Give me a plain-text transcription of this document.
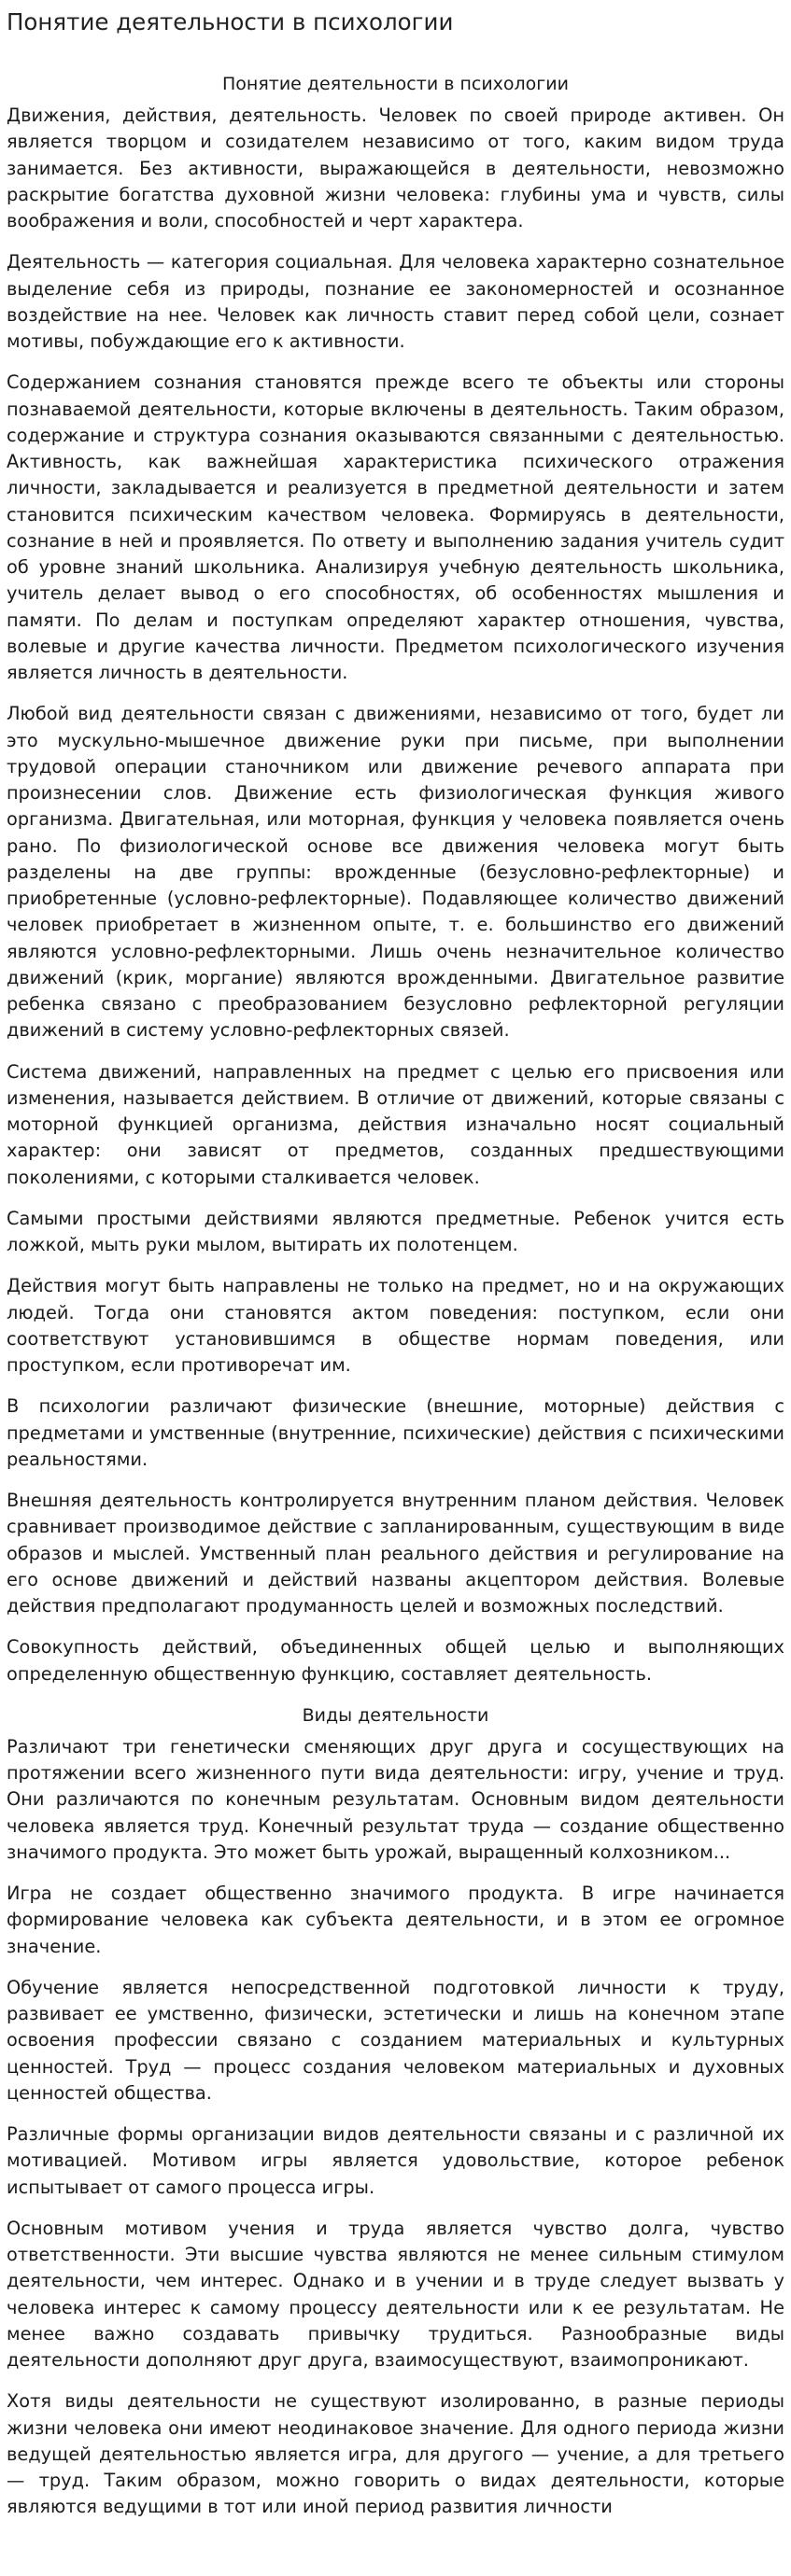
Понятие деятельности в психологии
Понятие деятельности в психологии

Движения, действия, деятельность. Человек по своей природе активен. Он является творцом и созидателем независимо от того, каким видом труда занимается. Без активности, выражающейся в деятельности, невозможно раскрытие богатства духовной жизни человека: глубины ума и чувств, силы воображения и воли, способностей и черт характера.

Деятельность — категория социальная. Для человека характерно сознательное выделение себя из природы, познание ее закономерностей и осознанное воздействие на нее. Человек как личность ставит перед собой цели, сознает мотивы, побуждающие его к активности.

Содержанием сознания становятся прежде всего те объекты или стороны познаваемой деятельности, которые включены в деятельность. Таким образом, содержание и структура сознания оказываются связанными с деятельностью. Активность, как важнейшая характеристика психического отражения личности, закладывается и реализуется в предметной деятельности и затем становится психическим качеством человека. Формируясь в деятельности, сознание в ней и проявляется. По ответу и выполнению задания учитель судит об уровне знаний школьника. Анализируя учебную деятельность школьника, учитель делает вывод о его способностях, об особенностях мышления и памяти. По делам и поступкам определяют характер отношения, чувства, волевые и другие качества личности. Предметом психологического изучения является личность в деятельности.

Любой вид деятельности связан с движениями, независимо от того, будет ли это мускульно-мышечное движение руки при письме, при выполнении трудовой операции станочником или движение речевого аппарата при произнесении слов. Движение есть физиологическая функция живого организма. Двигательная, или моторная, функция у человека появляется очень рано. По физиологической основе все движения человека могут быть разделены на две группы: врожденные (безусловно-рефлекторные) и приобретенные (условно-рефлекторные). Подавляющее количество движений человек приобретает в жизненном опыте, т. е. большинство его движений являются условно-рефлекторными. Лишь очень незначительное количество движений (крик, моргание) являются врожденными. Двигательное развитие ребенка связано с преобразованием безусловно рефлекторной регуляции движений в систему условно-рефлекторных связей.

Система движений, направленных на предмет с целью его присвоения или изменения, называется действием. В отличие от движений, которые связаны с моторной функцией организма, действия изначально носят социальный характер: они зависят от предметов, созданных предшествующими поколениями, с которыми сталкивается человек.

Самыми простыми действиями являются предметные. Ребенок учится есть ложкой, мыть руки мылом, вытирать их полотенцем.

Действия могут быть направлены не только на предмет, но и на окружающих людей. Тогда они становятся актом поведения: поступком, если они соответствуют установившимся в обществе нормам поведения, или проступком, если противоречат им.

В психологии различают физические (внешние, моторные) действия с предметами и умственные (внутренние, психические) действия с психическими реальностями.

Внешняя деятельность контролируется внутренним планом действия. Человек сравнивает производимое действие с запланированным, существующим в виде образов и мыслей. Умственный план реального действия и регулирование на его основе движений и действий названы акцептором действия. Волевые действия предполагают продуманность целей и возможных последствий.

Совокупность действий, объединенных общей целью и выполняющих определенную общественную функцию, составляет деятельность.

Виды деятельности

Различают три генетически сменяющих друг друга и сосуществующих на протяжении всего жизненного пути вида деятельности: игру, учение и труд. Они различаются по конечным результатам. Основным видом деятельности человека является труд. Конечный результат труда — создание общественно значимого продукта. Это может быть урожай, выращенный колхозником...

Игра не создает общественно значимого продукта. В игре начинается формирование человека как субъекта деятельности, и в этом ее огромное значение.

Обучение является непосредственной подготовкой личности к труду, развивает ее умственно, физически, эстетически и лишь на конечном этапе освоения профессии связано с созданием материальных и культурных ценностей. Труд — процесс создания человеком материальных и духовных ценностей общества.

Различные формы организации видов деятельности связаны и с различной их мотивацией. Мотивом игры является удовольствие, которое ребенок испытывает от самого процесса игры.

Основным мотивом учения и труда является чувство долга, чувство ответственности. Эти высшие чувства являются не менее сильным стимулом деятельности, чем интерес. Однако и в учении и в труде следует вызвать у человека интерес к самому процессу деятельности или к ее результатам. Не менее важно создавать привычку трудиться. Разнообразные виды деятельности дополняют друг друга, взаимосуществуют, взаимопроникают.

Хотя виды деятельности не существуют изолированно, в разные периоды жизни человека они имеют неодинаковое значение. Для одного периода жизни ведущей деятельностью является игра, для другого — учение, а для третьего — труд. Таким образом, можно говорить о видах деятельности, которые являются ведущими в тот или иной период развития личности
